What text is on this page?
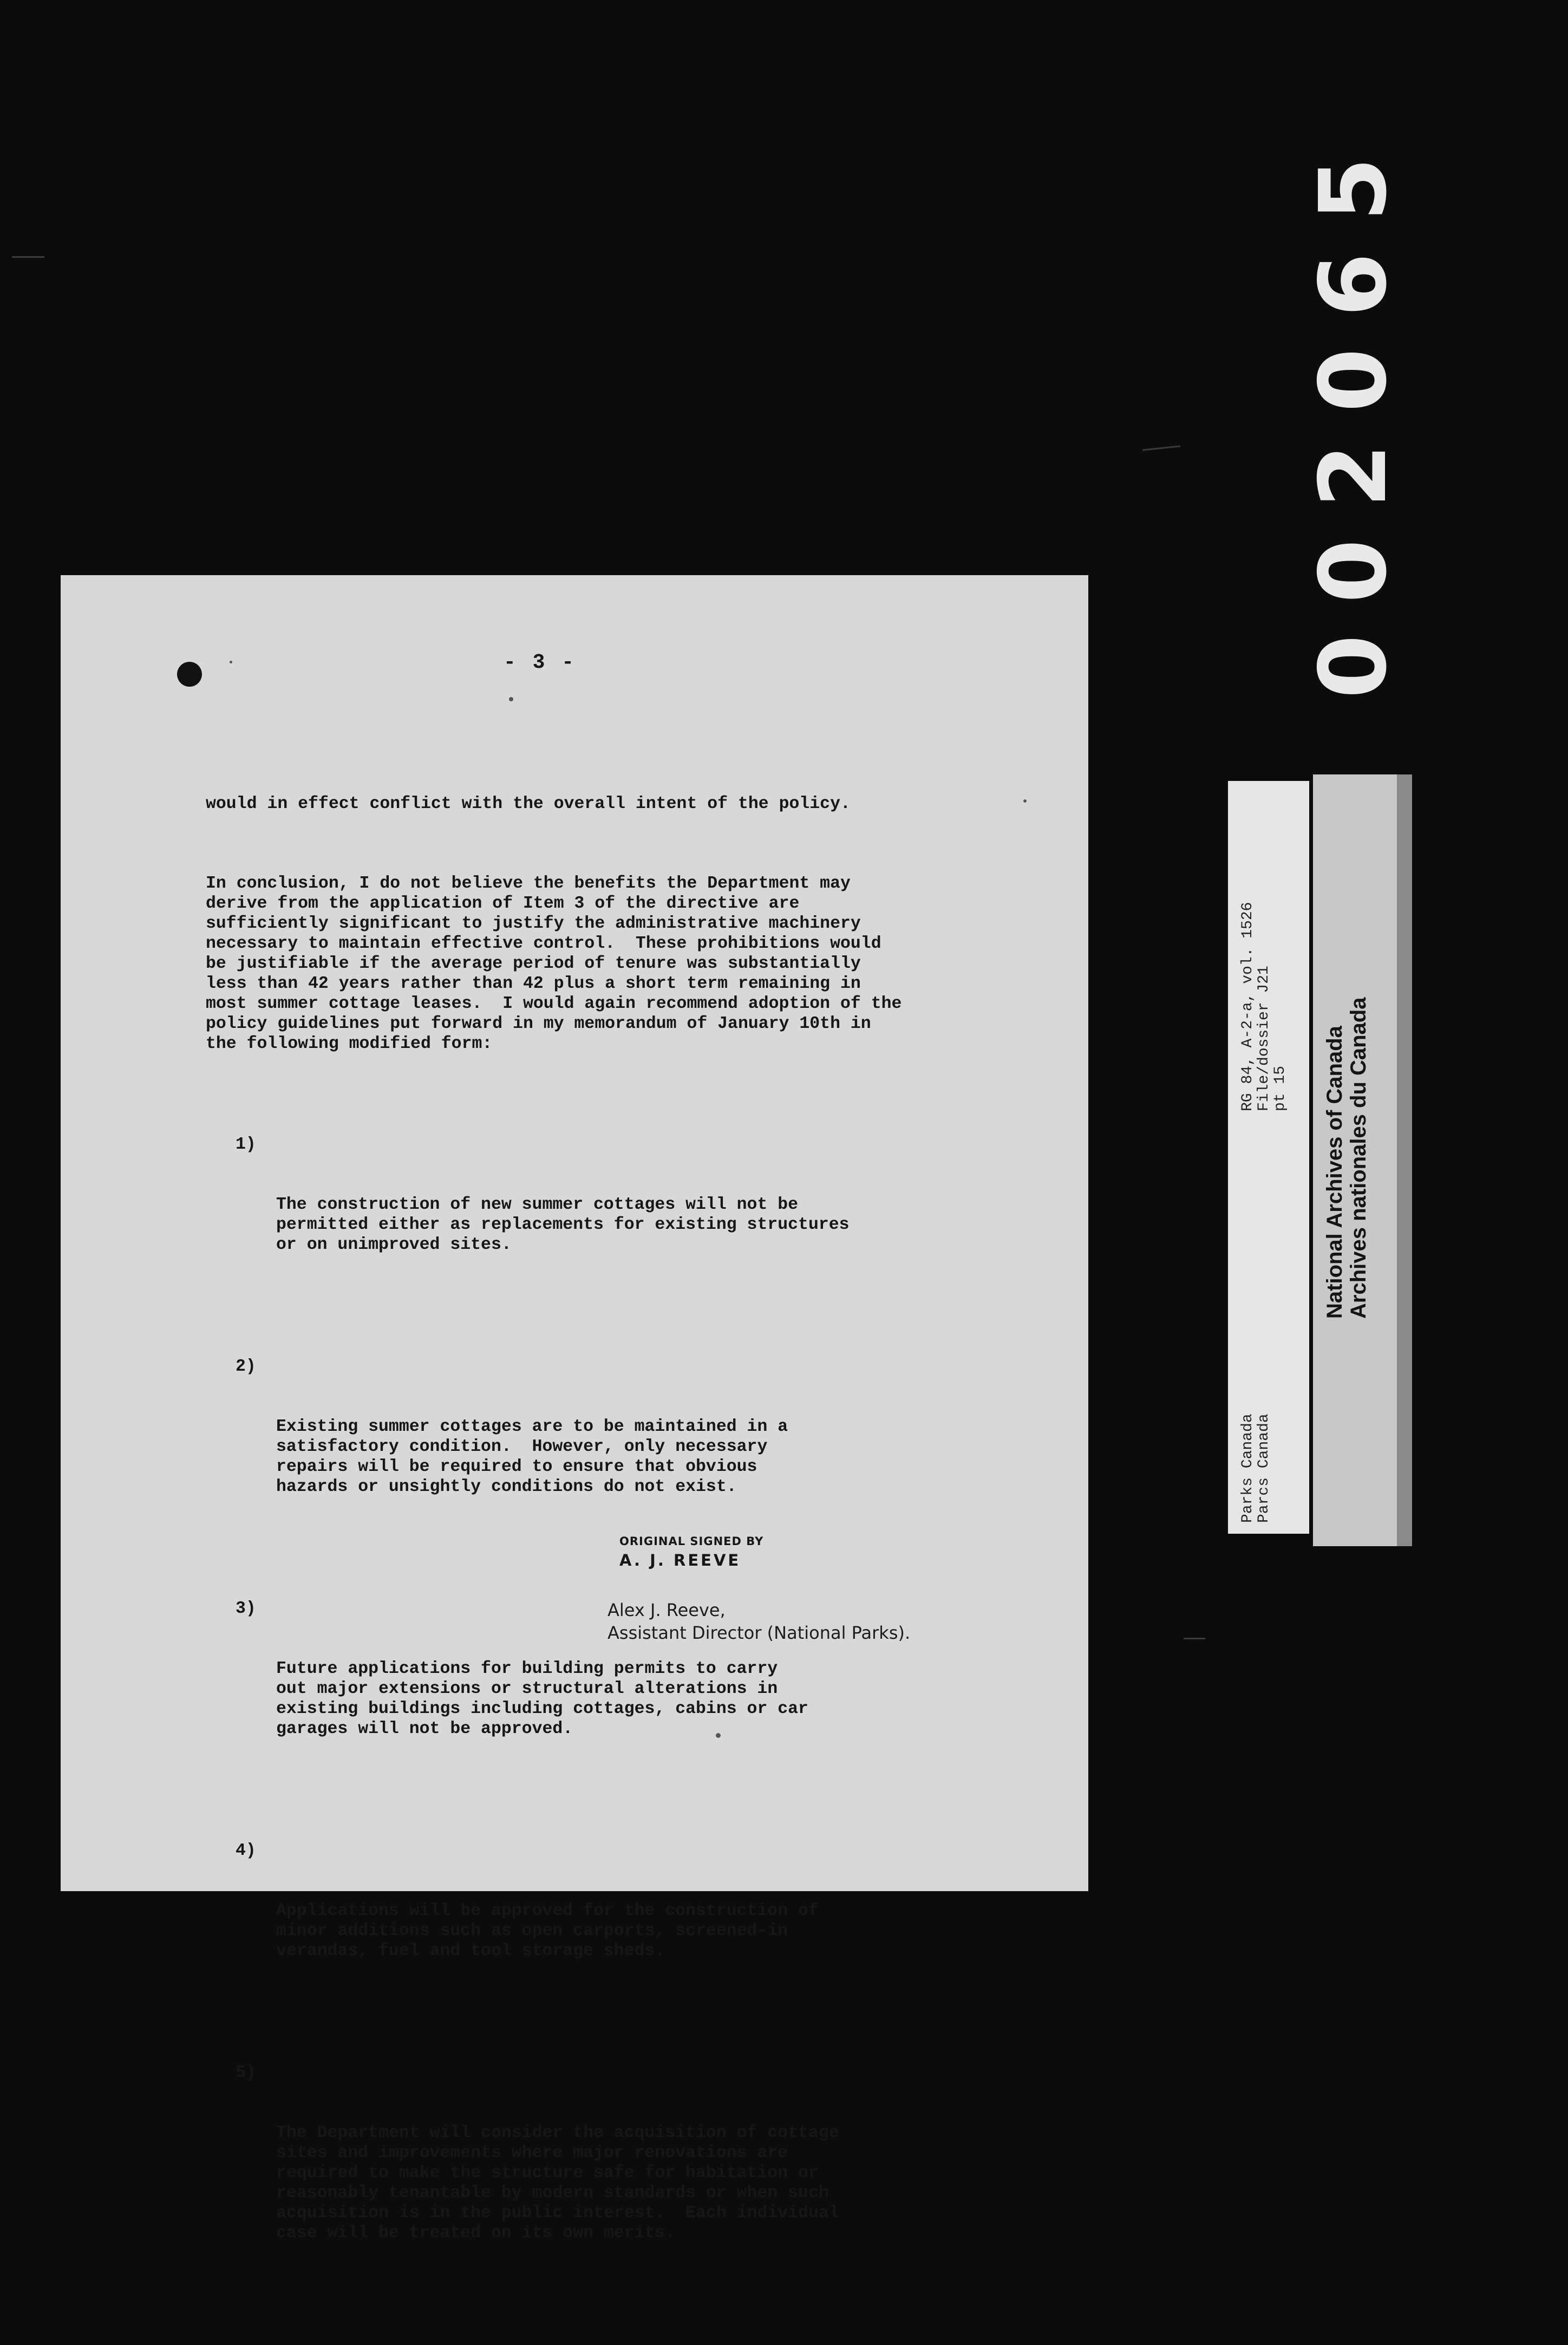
002065
- 3 -

would in effect conflict with the overall intent of the policy.

In conclusion, I do not believe the benefits the Department may
derive from the application of Item 3 of the directive are
sufficiently significant to justify the administrative machinery
necessary to maintain effective control.  These prohibitions would
be justifiable if the average period of tenure was substantially
less than 42 years rather than 42 plus a short term remaining in
most summer cottage leases.  I would again recommend adoption of the
policy guidelines put forward in my memorandum of January 10th in
the following modified form:

1)

The construction of new summer cottages will not be
permitted either as replacements for existing structures
or on unimproved sites.

2)

Existing summer cottages are to be maintained in a
satisfactory condition.  However, only necessary
repairs will be required to ensure that obvious
hazards or unsightly conditions do not exist.

3)

Future applications for building permits to carry
out major extensions or structural alterations in
existing buildings including cottages, cabins or car
garages will not be approved.

4)

Applications will be approved for the construction of
minor additions such as open carports, screened-in
verandas, fuel and tool storage sheds.

5)

The Department will consider the acquisition of cottage
sites and improvements where major renovations are
required to make the structure safe for habitation or
reasonably tenantable by modern standards or when such
acquisition is in the public interest.  Each individual
case will be treated on its own merits.

ORIGINAL SIGNED BY
A. J. REEVE
Alex J. Reeve,
Assistant Director (National Parks).
Parks Canada
Parcs Canada
RG 84, A-2-a, vol. 1526
File/dossier J21
pt 15 National Archives of Canada Archives nationales du Canada
